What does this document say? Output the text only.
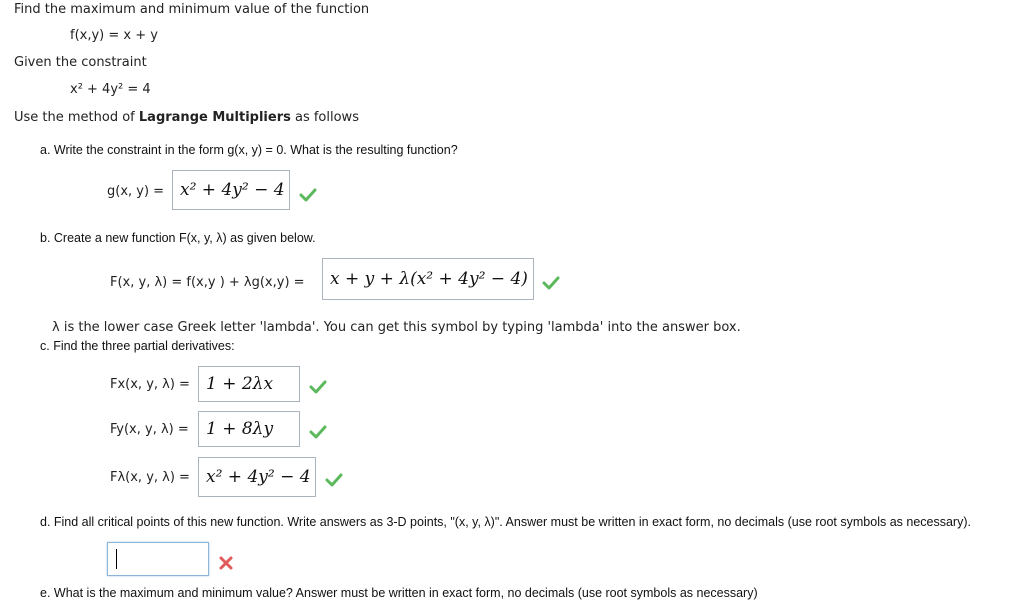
Find the maximum and minimum value of the function
f(x,y) = x + y
Given the constraint
x² + 4y² = 4
Use the method of Lagrange Multipliers as follows
a. Write the constraint in the form g(x, y) = 0. What is the resulting function?
g(x, y) = x² + 4y² − 4
b. Create a new function F(x, y, λ) as given below.
F(x, y, λ) = f(x,y ) + λg(x,y) = x + y + λ(x² + 4y² − 4)
λ is the lower case Greek letter 'lambda'. You can get this symbol by typing 'lambda' into the answer box.
c. Find the three partial derivatives:
Fx(x, y, λ) = 1 + 2λx
Fy(x, y, λ) = 1 + 8λy
Fλ(x, y, λ) = x² + 4y² − 4
d. Find all critical points of this new function. Write answers as 3-D points, "(x, y, λ)". Answer must be written in exact form, no decimals (use root symbols as necessary).
e. What is the maximum and minimum value? Answer must be written in exact form, no decimals (use root symbols as necessary)
